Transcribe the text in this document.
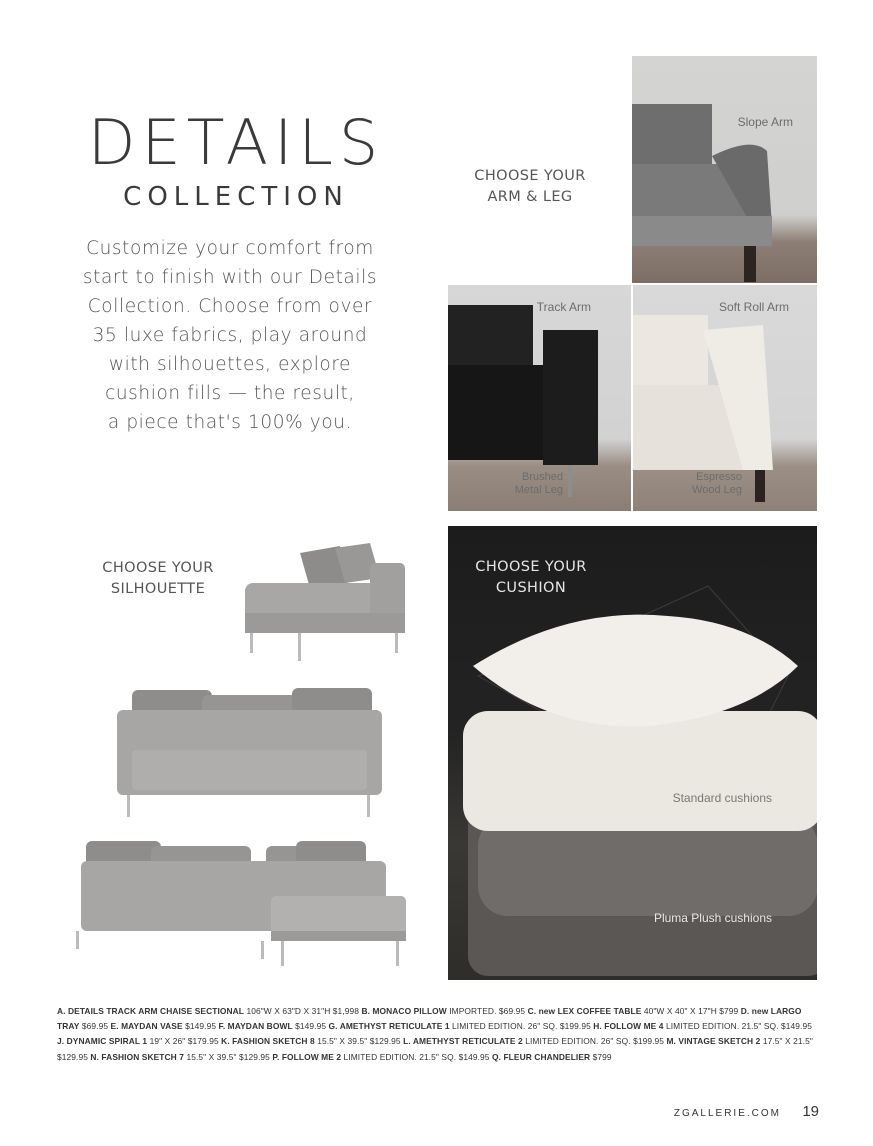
DETAILS
COLLECTION
Customize your comfort from
start to finish with our Details
Collection. Choose from over
35 luxe fabrics, play around
with silhouettes, explore
cushion fills — the result,
a piece that's 100% you.
CHOOSE YOUR
ARM & LEG
Slope Arm
Track Arm
Brushed
Metal Leg
Soft Roll Arm
Espresso
Wood Leg
CHOOSE YOUR
SILHOUETTE
CHOOSE YOUR
CUSHION
Standard cushions
Pluma Plush cushions
A. DETAILS TRACK ARM CHAISE SECTIONAL 106"W X 63"D X 31"H $1,998 B. MONACO PILLOW IMPORTED. $69.95 C. new LEX COFFEE TABLE 40"W X 40" X 17"H $799 D. new LARGO TRAY $69.95 E. MAYDAN VASE $149.95 F. MAYDAN BOWL $149.95 G. AMETHYST RETICULATE 1 LIMITED EDITION. 26" SQ. $199.95 H. FOLLOW ME 4 LIMITED EDITION. 21.5" SQ. $149.95 J. DYNAMIC SPIRAL 1 19" X 26" $179.95 K. FASHION SKETCH 8 15.5" X 39.5" $129.95 L. AMETHYST RETICULATE 2 LIMITED EDITION. 26" SQ. $199.95 M. VINTAGE SKETCH 2 17.5" X 21.5" $129.95 N. FASHION SKETCH 7 15.5" X 39.5" $129.95 P. FOLLOW ME 2 LIMITED EDITION. 21.5" SQ. $149.95 Q. FLEUR CHANDELIER $799
ZGALLERIE.COM 19
